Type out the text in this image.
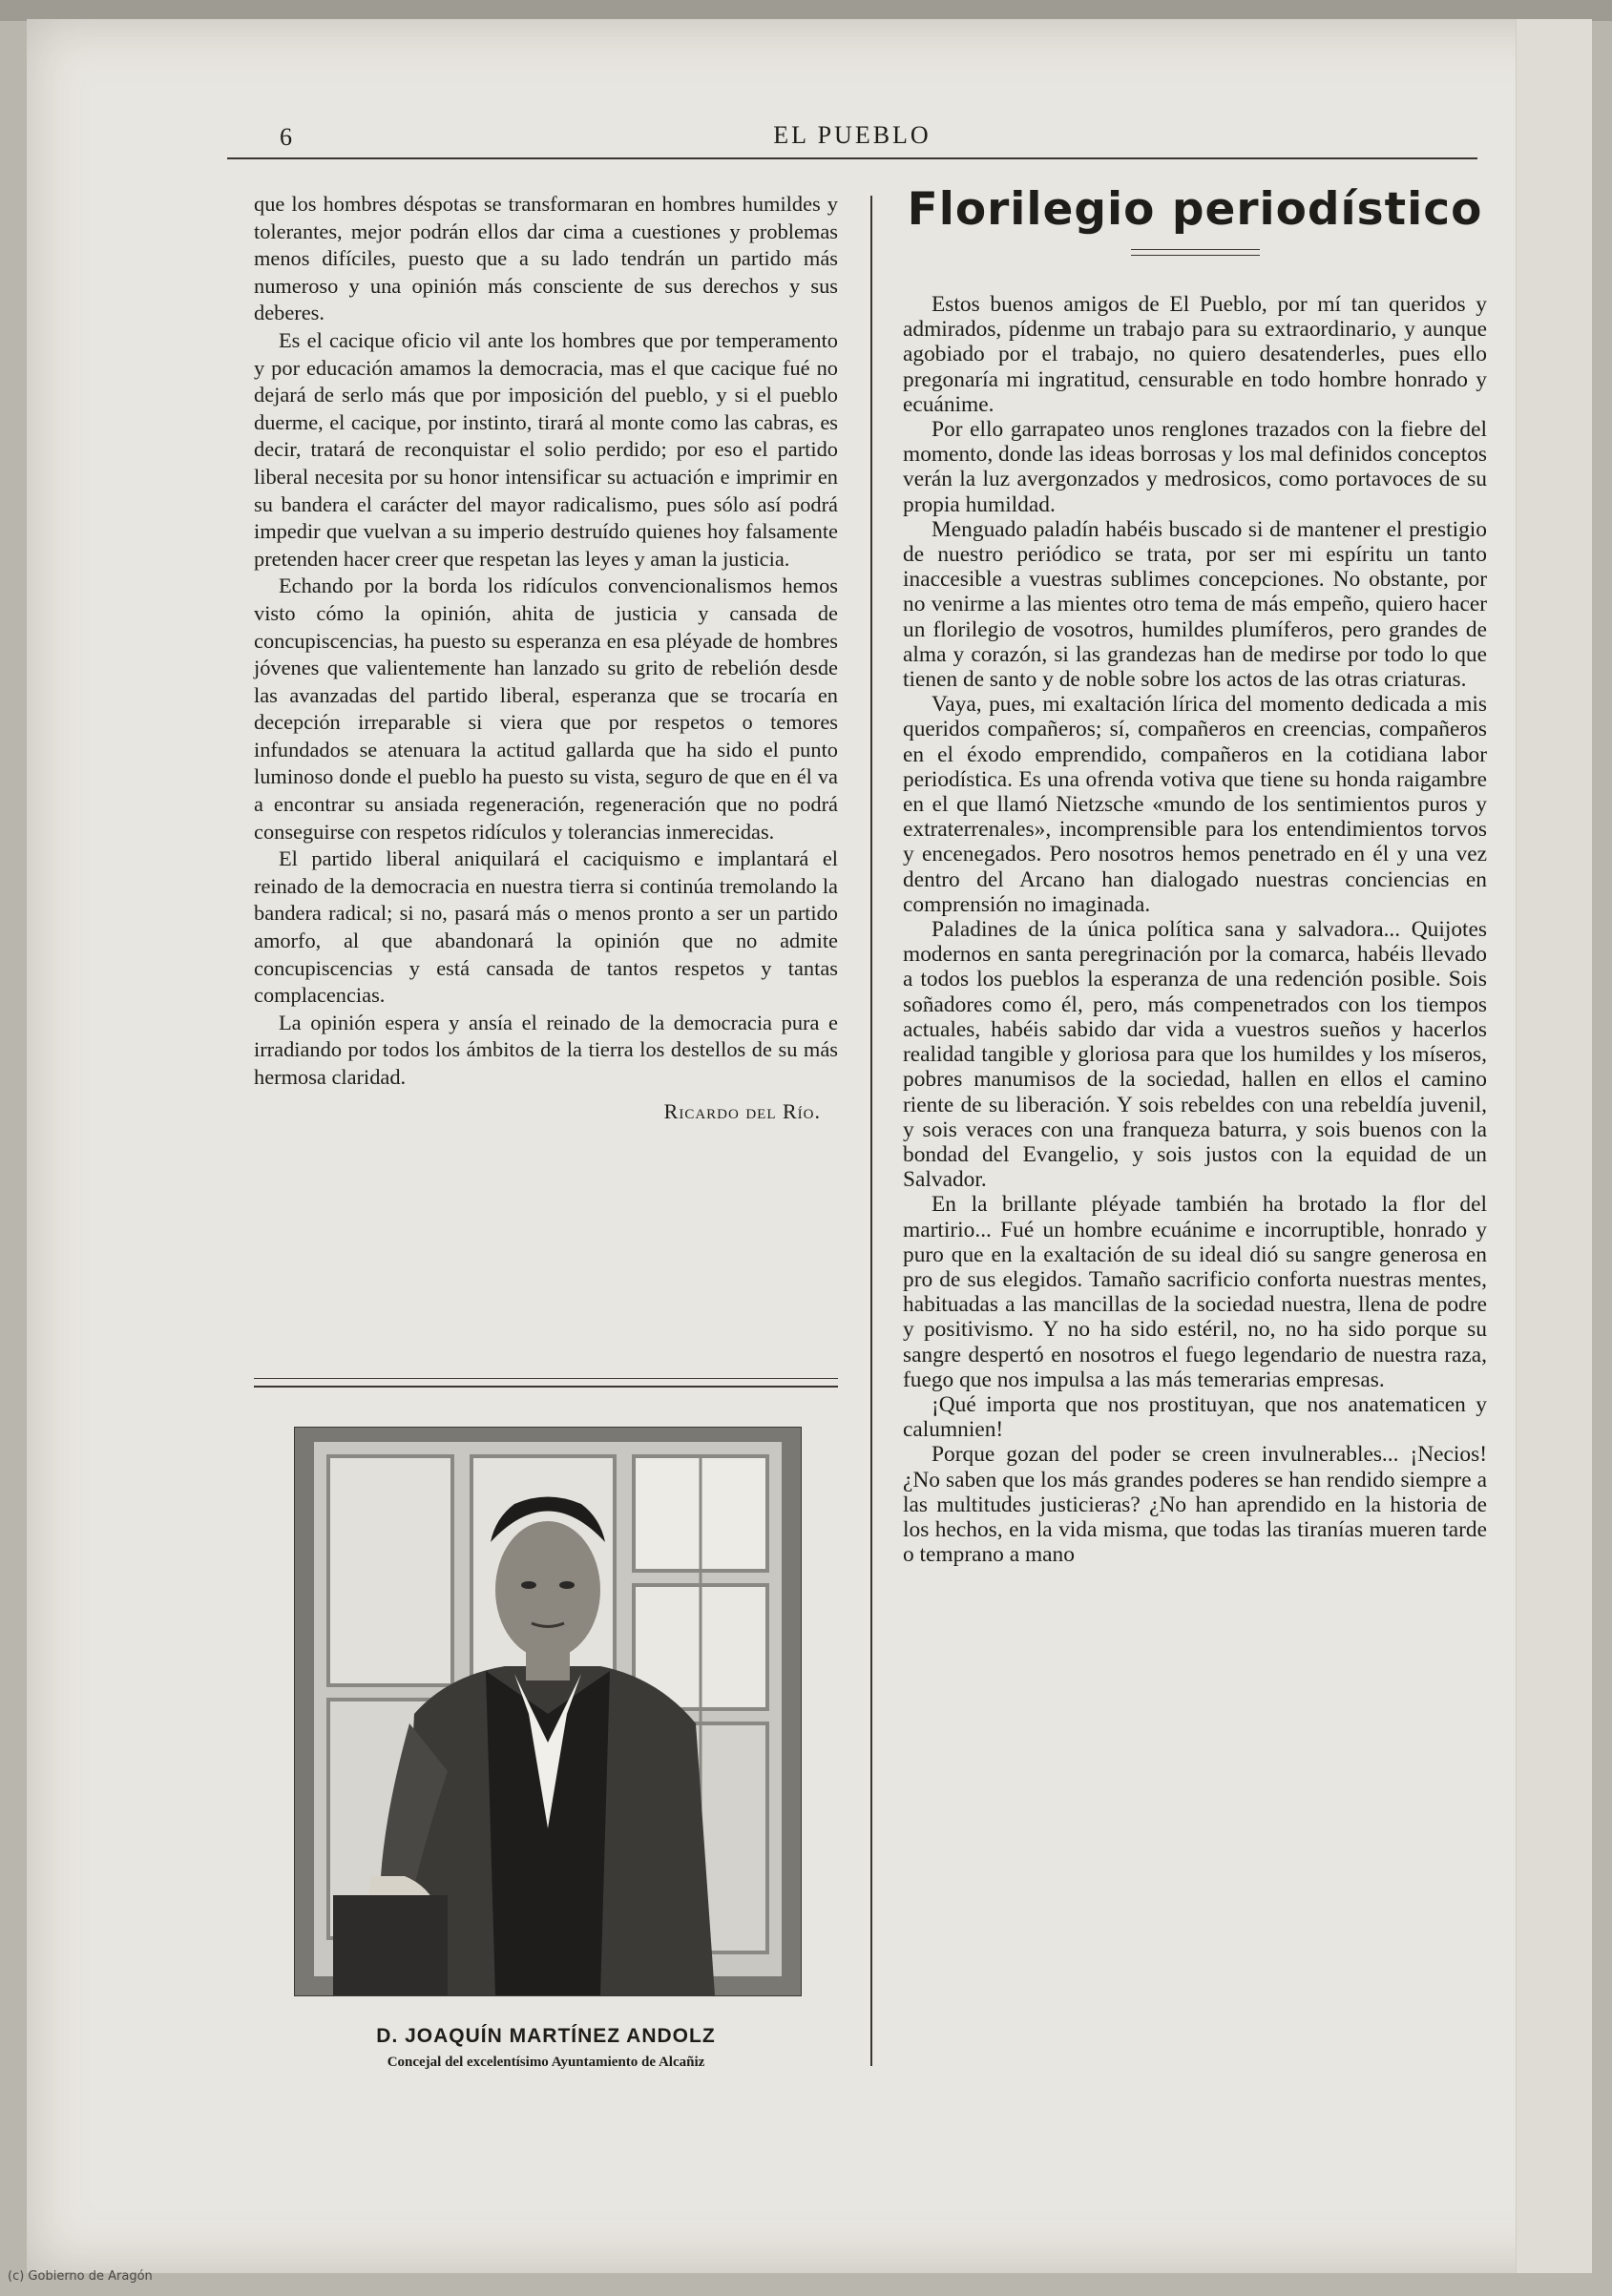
6	EL PUEBLO

que los hombres déspotas se transformaran en hombres humildes y tolerantes, mejor podrán ellos dar cima a cuestiones y problemas menos difíciles, puesto que a su lado tendrán un partido más numeroso y una opinión más consciente de sus derechos y sus deberes.

Es el cacique oficio vil ante los hombres que por temperamento y por educación amamos la democracia, mas el que cacique fué no dejará de serlo más que por imposición del pueblo, y si el pueblo duerme, el cacique, por instinto, tirará al monte como las cabras, es decir, tratará de reconquistar el solio perdido; por eso el partido liberal necesita por su honor intensificar su actuación e imprimir en su bandera el carácter del mayor radicalismo, pues sólo así podrá impedir que vuelvan a su imperio destruído quienes hoy falsamente pretenden hacer creer que respetan las leyes y aman la justicia.

Echando por la borda los ridículos convencionalismos hemos visto cómo la opinión, ahita de justicia y cansada de concupiscencias, ha puesto su esperanza en esa pléyade de hombres jóvenes que valientemente han lanzado su grito de rebelión desde las avanzadas del partido liberal, esperanza que se trocaría en decepción irreparable si viera que por respetos o temores infundados se atenuara la actitud gallarda que ha sido el punto luminoso donde el pueblo ha puesto su vista, seguro de que en él va a encontrar su ansiada regeneración, regeneración que no podrá conseguirse con respetos ridículos y tolerancias inmerecidas.

El partido liberal aniquilará el caciquismo e implantará el reinado de la democracia en nuestra tierra si continúa tremolando la bandera radical; si no, pasará más o menos pronto a ser un partido amorfo, al que abandonará la opinión que no admite concupiscencias y está cansada de tantos respetos y tantas complacencias.

La opinión espera y ansía el reinado de la democracia pura e irradiando por todos los ámbitos de la tierra los destellos de su más hermosa claridad.

Ricardo del Río.
D. JOAQUÍN MARTÍNEZ ANDOLZ
Concejal del excelentísimo Ayuntamiento de Alcañiz
Florilegio periodístico

Estos buenos amigos de El Pueblo, por mí tan queridos y admirados, pídenme un trabajo para su extraordinario, y aunque agobiado por el trabajo, no quiero desatenderles, pues ello pregonaría mi ingratitud, censurable en todo hombre honrado y ecuánime.

Por ello garrapateo unos renglones trazados con la fiebre del momento, donde las ideas borrosas y los mal definidos conceptos verán la luz avergonzados y medrosicos, como portavoces de su propia humildad.

Menguado paladín habéis buscado si de mantener el prestigio de nuestro periódico se trata, por ser mi espíritu un tanto inaccesible a vuestras sublimes concepciones. No obstante, por no venirme a las mientes otro tema de más empeño, quiero hacer un florilegio de vosotros, humildes plumíferos, pero grandes de alma y corazón, si las grandezas han de medirse por todo lo que tienen de santo y de noble sobre los actos de las otras criaturas.

Vaya, pues, mi exaltación lírica del momento dedicada a mis queridos compañeros; sí, compañeros en creencias, compañeros en el éxodo emprendido, compañeros en la cotidiana labor periodística. Es una ofrenda votiva que tiene su honda raigambre en el que llamó Nietzsche «mundo de los sentimientos puros y extraterrenales», incomprensible para los entendimientos torvos y encenegados. Pero nosotros hemos penetrado en él y una vez dentro del Arcano han dialogado nuestras conciencias en comprensión no imaginada.

Paladines de la única política sana y salvadora... Quijotes modernos en santa peregrinación por la comarca, habéis llevado a todos los pueblos la esperanza de una redención posible. Sois soñadores como él, pero, más compenetrados con los tiempos actuales, habéis sabido dar vida a vuestros sueños y hacerlos realidad tangible y gloriosa para que los humildes y los míseros, pobres manumisos de la sociedad, hallen en ellos el camino riente de su liberación. Y sois rebeldes con una rebeldía juvenil, y sois veraces con una franqueza baturra, y sois buenos con la bondad del Evangelio, y sois justos con la equidad de un Salvador.

En la brillante pléyade también ha brotado la flor del martirio... Fué un hombre ecuánime e incorruptible, honrado y puro que en la exaltación de su ideal dió su sangre generosa en pro de sus elegidos. Tamaño sacrificio conforta nuestras mentes, habituadas a las mancillas de la sociedad nuestra, llena de podre y positivismo. Y no ha sido estéril, no, no ha sido porque su sangre despertó en nosotros el fuego legendario de nuestra raza, fuego que nos impulsa a las más temerarias empresas.

¡Qué importa que nos prostituyan, que nos anatematicen y calumnien!

Porque gozan del poder se creen invulnerables... ¡Necios! ¿No saben que los más grandes poderes se han rendido siempre a las multitudes justicieras? ¿No han aprendido en la historia de los hechos, en la vida misma, que todas las tiranías mueren tarde o temprano a mano

(c) Gobierno de Aragón
